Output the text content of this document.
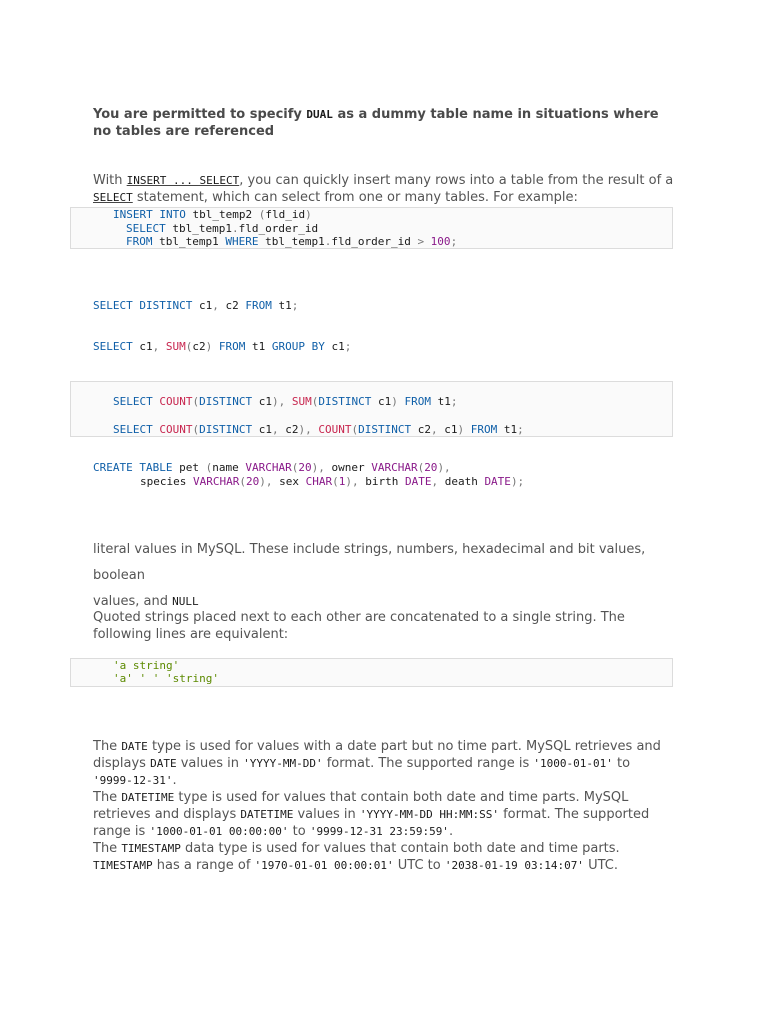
You are permitted to specify DUAL as a dummy table name in situations where no tables are referenced
With INSERT ... SELECT, you can quickly insert many rows into a table from the result of a SELECT statement, which can select from one or many tables. For example:
INSERT INTO tbl_temp2 (fld_id)
SELECT tbl_temp1.fld_order_id
FROM tbl_temp1 WHERE tbl_temp1.fld_order_id > 100;
SELECT DISTINCT c1, c2 FROM t1;
SELECT c1, SUM(c2) FROM t1 GROUP BY c1;
SELECT COUNT(DISTINCT c1), SUM(DISTINCT c1) FROM t1;
SELECT COUNT(DISTINCT c1, c2), COUNT(DISTINCT c2, c1) FROM t1;
CREATE TABLE pet (name VARCHAR(20), owner VARCHAR(20),
species VARCHAR(20), sex CHAR(1), birth DATE, death DATE);
literal values in MySQL. These include strings, numbers, hexadecimal and bit values, boolean
values, and NULL
Quoted strings placed next to each other are concatenated to a single string. The following lines are equivalent:
'a string'
'a' ' ' 'string'
The DATE type is used for values with a date part but no time part. MySQL retrieves and displays DATE values in 'YYYY-MM-DD' format. The supported range is '1000-01-01' to '9999-12-31'.
The DATETIME type is used for values that contain both date and time parts. MySQL retrieves and displays DATETIME values in 'YYYY-MM-DD HH:MM:SS' format. The supported range is '1000-01-01 00:00:00' to '9999-12-31 23:59:59'.
The TIMESTAMP data type is used for values that contain both date and time parts. TIMESTAMP has a range of '1970-01-01 00:00:01' UTC to '2038-01-19 03:14:07' UTC.
